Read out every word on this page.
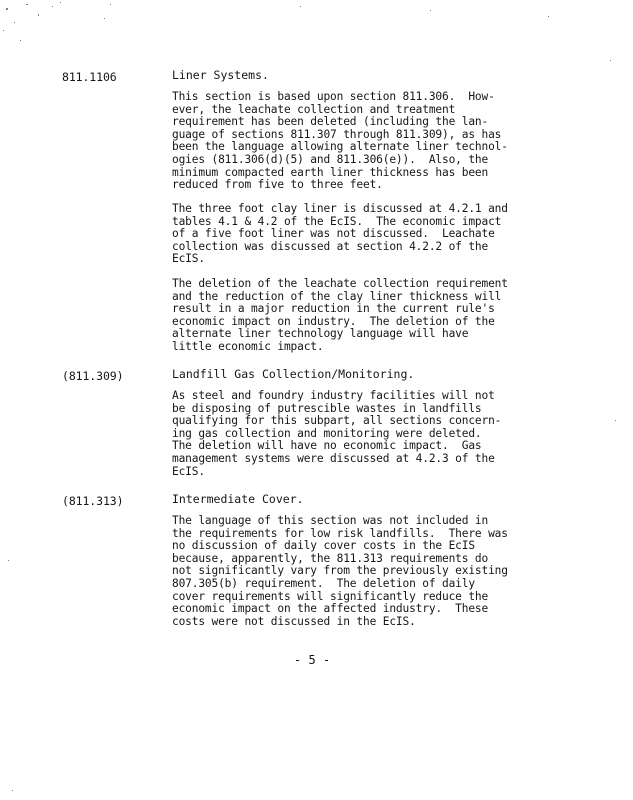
811.1106	Liner Systems.
This section is based upon section 811.306.  How-
ever, the leachate collection and treatment
requirement has been deleted (including the lan-
guage of sections 811.307 through 811.309), as has
been the language allowing alternate liner technol-
ogies (811.306(d)(5) and 811.306(e)).  Also, the
minimum compacted earth liner thickness has been
reduced from five to three feet.
The three foot clay liner is discussed at 4.2.1 and
tables 4.1 & 4.2 of the EcIS.  The economic impact
of a five foot liner was not discussed.  Leachate
collection was discussed at section 4.2.2 of the
EcIS.
The deletion of the leachate collection requirement
and the reduction of the clay liner thickness will
result in a major reduction in the current rule's
economic impact on industry.  The deletion of the
alternate liner technology language will have
little economic impact.
(811.309)	Landfill Gas Collection/Monitoring.
As steel and foundry industry facilities will not
be disposing of putrescible wastes in landfills
qualifying for this subpart, all sections concern-
ing gas collection and monitoring were deleted.
The deletion will have no economic impact.  Gas
management systems were discussed at 4.2.3 of the
EcIS.
(811.313)	Intermediate Cover.
The language of this section was not included in
the requirements for low risk landfills.  There was
no discussion of daily cover costs in the EcIS
because, apparently, the 811.313 requirements do
not significantly vary from the previously existing
807.305(b) requirement.  The deletion of daily
cover requirements will significantly reduce the
economic impact on the affected industry.  These
costs were not discussed in the EcIS.
- 5 -
